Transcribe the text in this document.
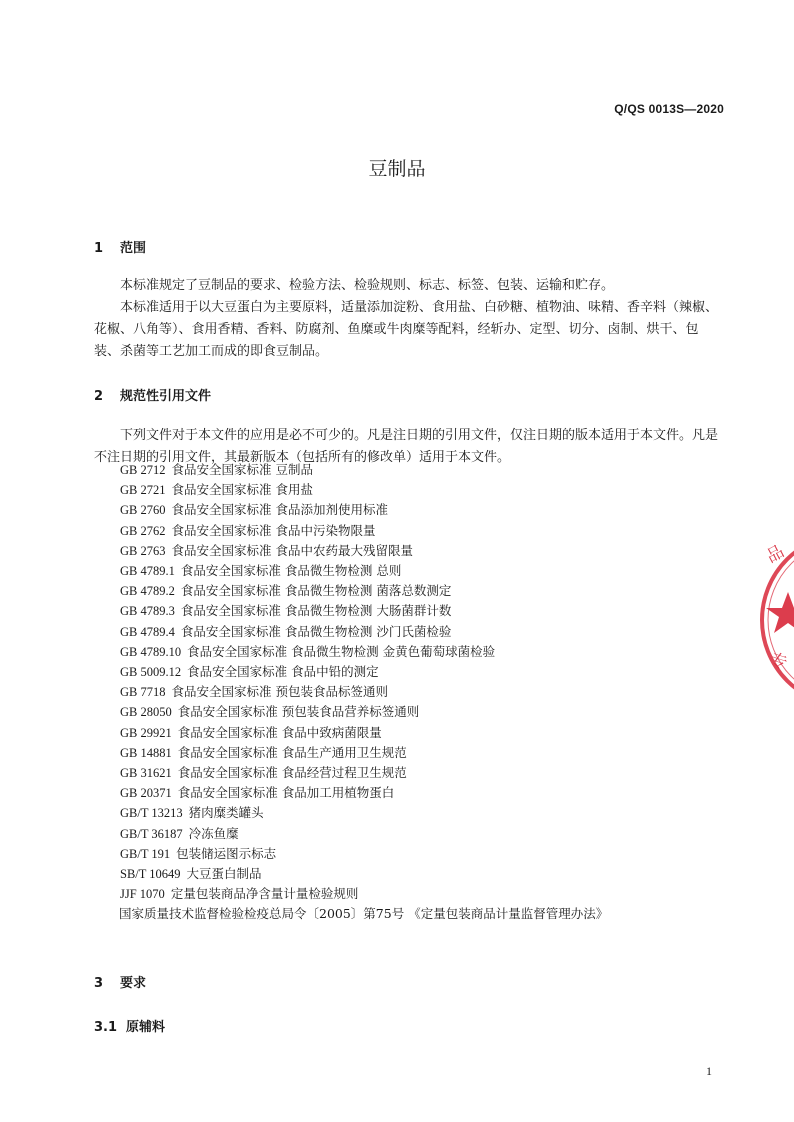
Q/QS 0013S—2020
豆制品
1 范围

本标准规定了豆制品的要求、检验方法、检验规则、标志、标签、包装、运输和贮存。

本标准适用于以大豆蛋白为主要原料，适量添加淀粉、食用盐、白砂糖、植物油、味精、香辛料（辣椒、花椒、八角等）、食用香精、香料、防腐剂、鱼糜或牛肉糜等配料，经斩办、定型、切分、卤制、烘干、包装、杀菌等工艺加工而成的即食豆制品。

2 规范性引用文件

下列文件对于本文件的应用是必不可少的。凡是注日期的引用文件，仅注日期的版本适用于本文件。凡是不注日期的引用文件，其最新版本（包括所有的修改单）适用于本文件。

GB 2712 食品安全国家标准 豆制品
GB 2721 食品安全国家标准 食用盐
GB 2760 食品安全国家标准 食品添加剂使用标准
GB 2762 食品安全国家标准 食品中污染物限量
GB 2763 食品安全国家标准 食品中农药最大残留限量
GB 4789.1 食品安全国家标准 食品微生物检测 总则
GB 4789.2 食品安全国家标准 食品微生物检测 菌落总数测定
GB 4789.3 食品安全国家标准 食品微生物检测 大肠菌群计数
GB 4789.4 食品安全国家标准 食品微生物检测 沙门氏菌检验
GB 4789.10 食品安全国家标准 食品微生物检测 金黄色葡萄球菌检验
GB 5009.12 食品安全国家标准 食品中铅的测定
GB 7718 食品安全国家标准 预包装食品标签通则
GB 28050 食品安全国家标准 预包装食品营养标签通则
GB 29921 食品安全国家标准 食品中致病菌限量
GB 14881 食品安全国家标准 食品生产通用卫生规范
GB 31621 食品安全国家标准 食品经营过程卫生规范
GB 20371 食品安全国家标准 食品加工用植物蛋白
GB/T 13213 猪肉糜类罐头
GB/T 36187 冷冻鱼糜
GB/T 191 包装储运图示标志
SB/T 10649 大豆蛋白制品
JJF 1070 定量包装商品净含量计量检验规则
国家质量技术监督检验检疫总局令〔2005〕第75号 《定量包装商品计量监督管理办法》
3 要求
3.1 原辅料
1
品
专
